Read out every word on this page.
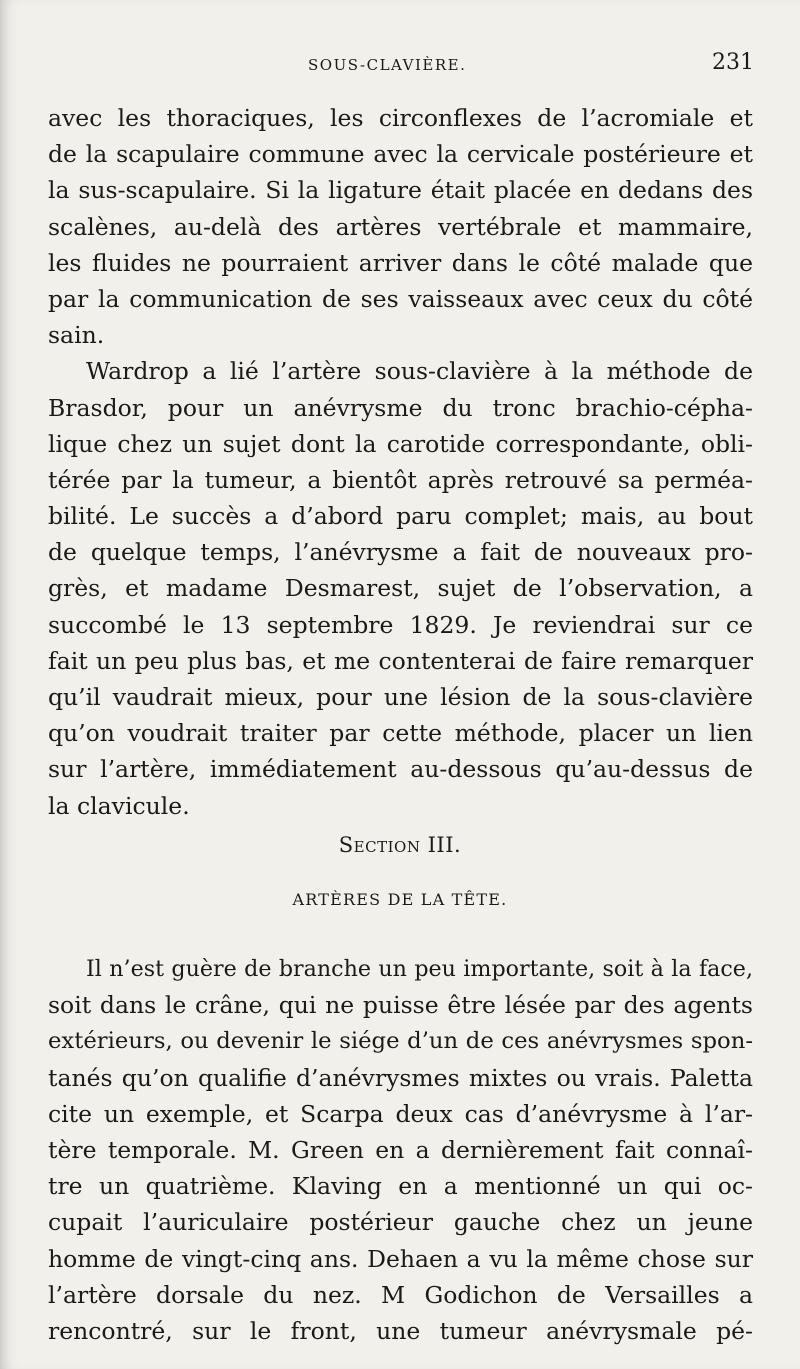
SOUS-CLAVIÈRE.	231
avec les thoraciques, les circonflexes de l’acromiale et
de la scapulaire commune avec la cervicale postérieure et
la sus-scapulaire. Si la ligature était placée en dedans des
scalènes, au-delà des artères vertébrale et mammaire,
les fluides ne pourraient arriver dans le côté malade que
par la communication de ses vaisseaux avec ceux du côté
sain.
Wardrop a lié l’artère sous-clavière à la méthode de
Brasdor, pour un anévrysme du tronc brachio-cépha-
lique chez un sujet dont la carotide correspondante, obli-
térée par la tumeur, a bientôt après retrouvé sa perméa-
bilité. Le succès a d’abord paru complet; mais, au bout
de quelque temps, l’anévrysme a fait de nouveaux pro-
grès, et madame Desmarest, sujet de l’observation, a
succombé le 13 septembre 1829. Je reviendrai sur ce
fait un peu plus bas, et me contenterai de faire remarquer
qu’il vaudrait mieux, pour une lésion de la sous-clavière
qu’on voudrait traiter par cette méthode, placer un lien
sur l’artère, immédiatement au-dessous qu’au-dessus de
la clavicule.
Section III.
ARTÈRES DE LA TÊTE.
Il n’est guère de branche un peu importante, soit à la face,
soit dans le crâne, qui ne puisse être lésée par des agents
extérieurs, ou devenir le siége d’un de ces anévrysmes spon-
tanés qu’on qualifie d’anévrysmes mixtes ou vrais. Paletta
cite un exemple, et Scarpa deux cas d’anévrysme à l’ar-
tère temporale. M. Green en a dernièrement fait connaî-
tre un quatrième. Klaving en a mentionné un qui oc-
cupait l’auriculaire postérieur gauche chez un jeune
homme de vingt-cinq ans. Dehaen a vu la même chose sur
l’artère dorsale du nez. M Godichon de Versailles a
rencontré, sur le front, une tumeur anévrysmale pé-
